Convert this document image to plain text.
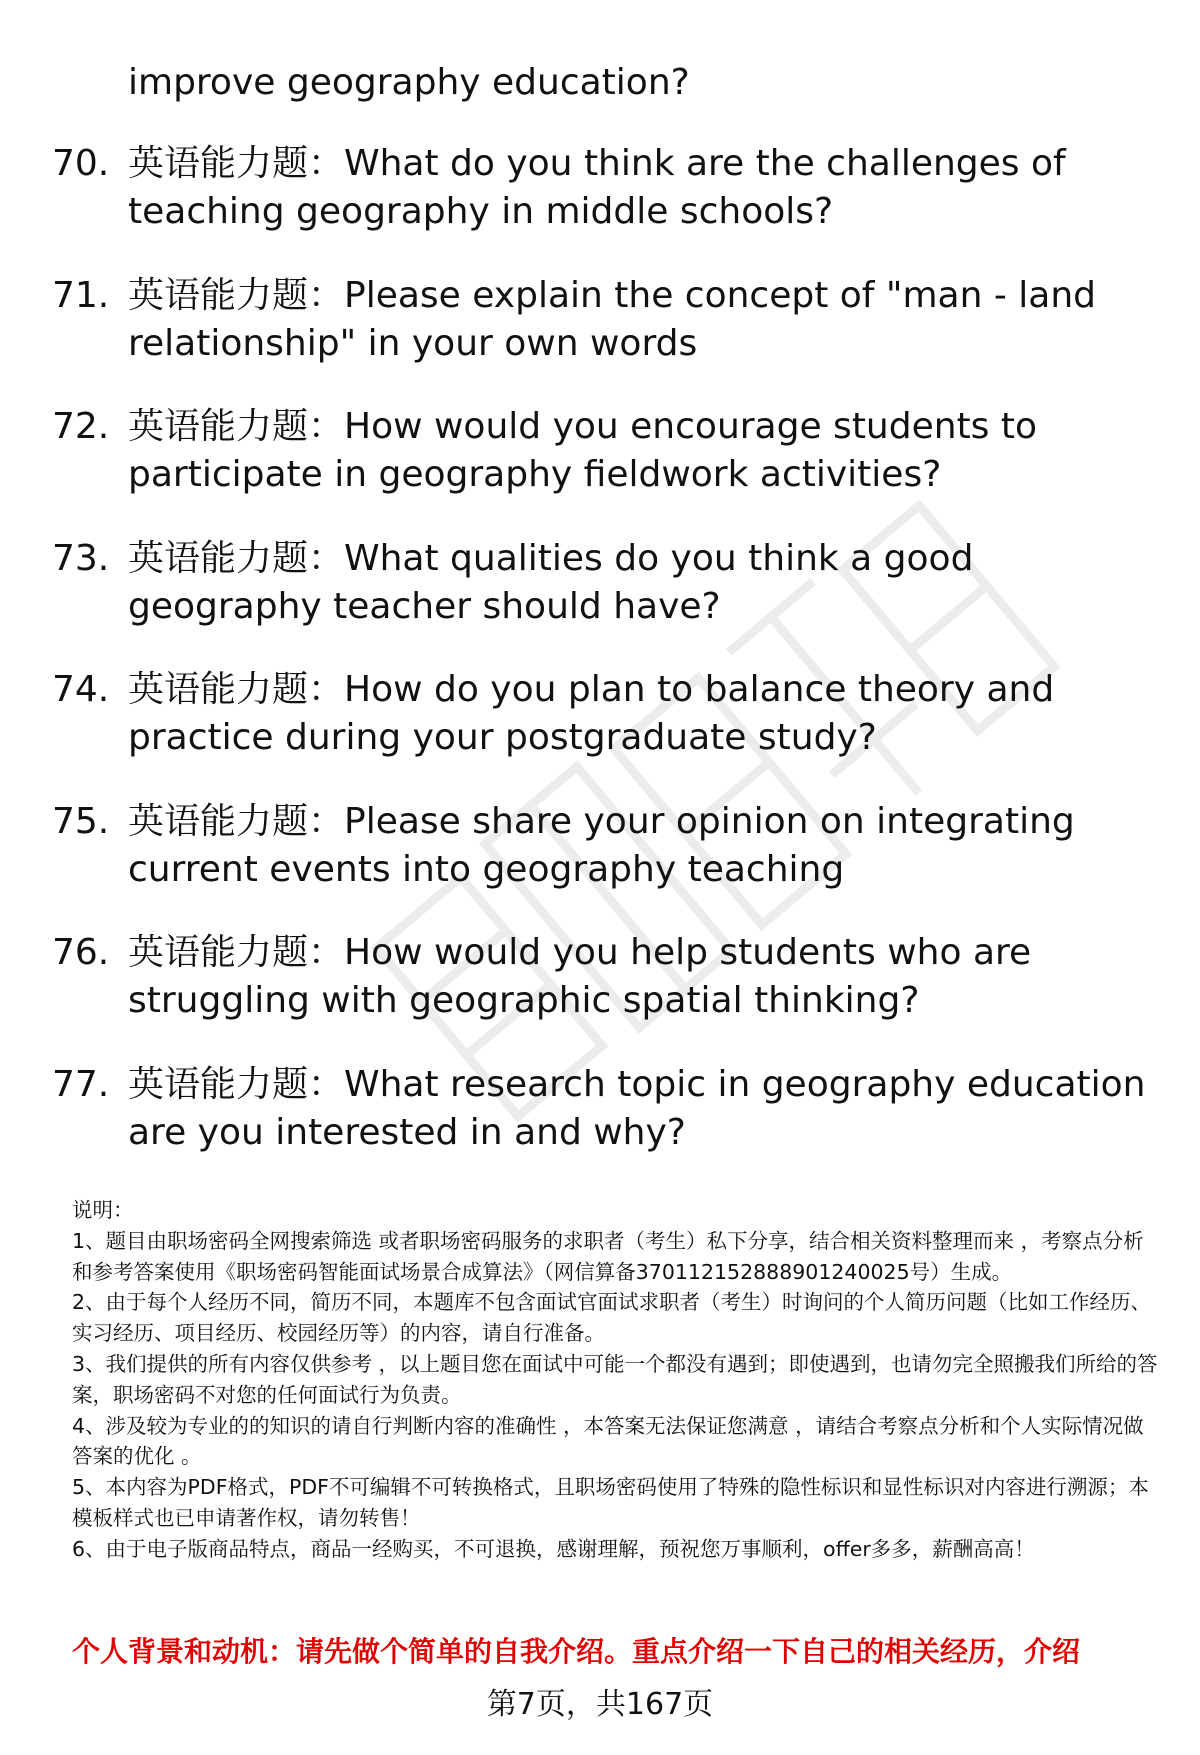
improve geography education?
70. 英语能力题：What do you think are the challenges of teaching geography in middle schools?
71. 英语能力题：Please explain the concept of "man - land relationship" in your own words
72. 英语能力题：How would you encourage students to participate in geography fieldwork activities?
73. 英语能力题：What qualities do you think a good geography teacher should have?
74. 英语能力题：How do you plan to balance theory and practice during your postgraduate study?
75. 英语能力题：Please share your opinion on integrating current events into geography teaching
76. 英语能力题：How would you help students who are struggling with geographic spatial thinking?
77. 英语能力题：What research topic in geography education are you interested in and why?

说明：

1、题目由职场密码全网搜索筛选 或者职场密码服务的求职者（考生）私下分享，结合相关资料整理而来 ，考察点分析和参考答案使用《职场密码智能面试场景合成算法》（网信算备370112152888901240025号）生成。

2、由于每个人经历不同，简历不同，本题库不包含面试官面试求职者（考生）时询问的个人简历问题（比如工作经历、实习经历、项目经历、校园经历等）的内容，请自行准备。

3、我们提供的所有内容仅供参考 ，以上题目您在面试中可能一个都没有遇到；即使遇到，也请勿完全照搬我们所给的答案，职场密码不对您的任何面试行为负责。

4、涉及较为专业的的知识的请自行判断内容的准确性 ，本答案无法保证您满意 ，请结合考察点分析和个人实际情况做答案的优化 。

5、本内容为PDF格式，PDF不可编辑不可转换格式，且职场密码使用了特殊的隐性标识和显性标识对内容进行溯源；本模板样式也已申请著作权，请勿转售！

6、由于电子版商品特点，商品一经购买，不可退换，感谢理解，预祝您万事顺利，offer多多，薪酬高高！

个人背景和动机：请先做个简单的自我介绍。重点介绍一下自己的相关经历，介绍
第7页，共167页
